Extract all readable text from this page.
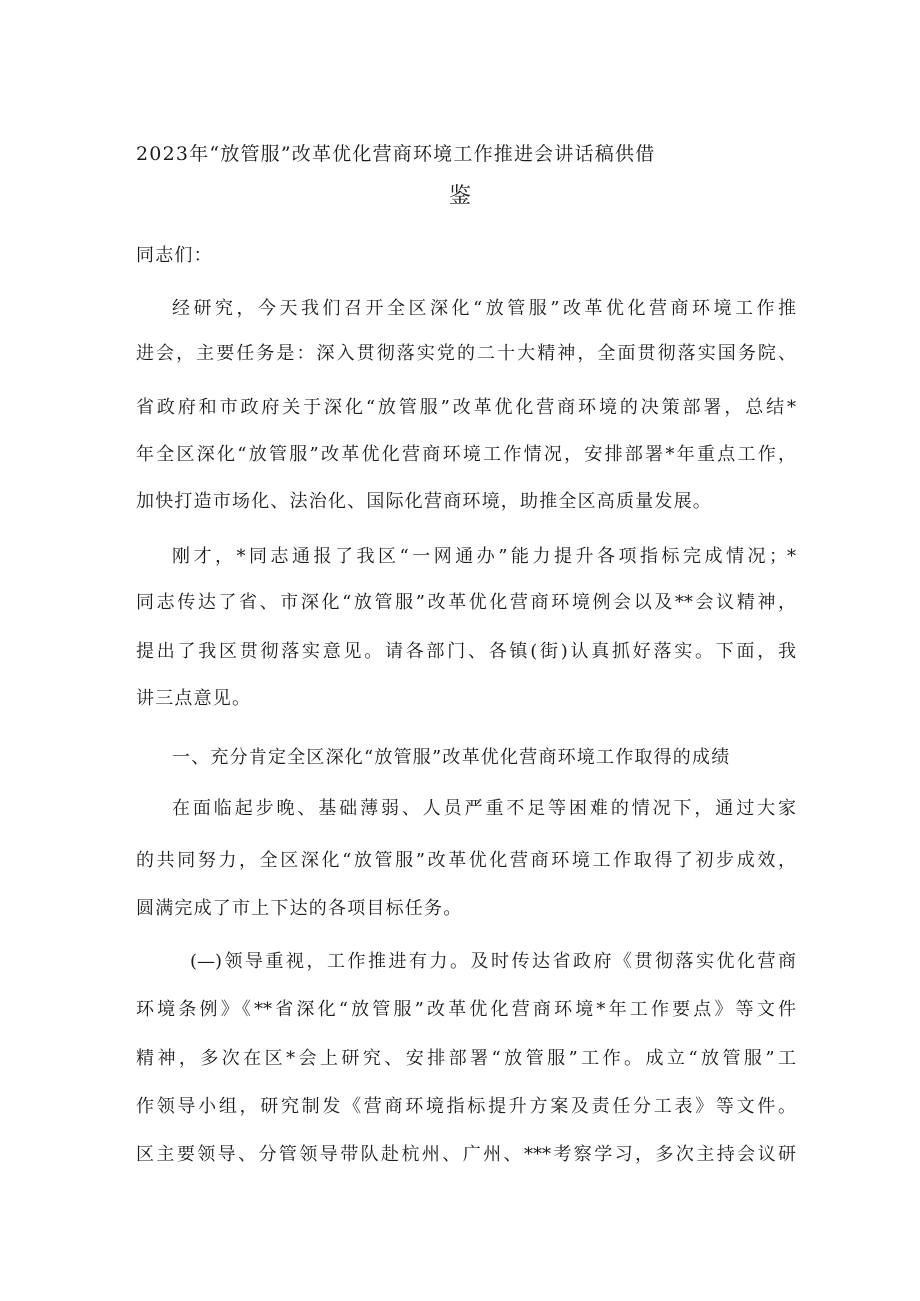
2023年“放管服”改革优化营商环境工作推进会讲话稿供借
鉴

同志们：

经研究，今天我们召开全区深化“放管服”改革优化营商环境工作推

进会，主要任务是：深入贯彻落实党的二十大精神，全面贯彻落实国务院、

省政府和市政府关于深化“放管服”改革优化营商环境的决策部署，总结*

年全区深化“放管服”改革优化营商环境工作情况，安排部署*年重点工作，

加快打造市场化、法治化、国际化营商环境，助推全区高质量发展。

刚才，*同志通报了我区“一网通办”能力提升各项指标完成情况；*

同志传达了省、市深化“放管服”改革优化营商环境例会以及**会议精神，

提出了我区贯彻落实意见。请各部门、各镇(街)认真抓好落实。下面，我

讲三点意见。

一、充分肯定全区深化“放管服”改革优化营商环境工作取得的成绩

在面临起步晚、基础薄弱、人员严重不足等困难的情况下，通过大家

的共同努力，全区深化“放管服”改革优化营商环境工作取得了初步成效，

圆满完成了市上下达的各项目标任务。

(—)领导重视，工作推进有力。及时传达省政府《贯彻落实优化营商

环境条例》《**省深化“放管服”改革优化营商环境*年工作要点》等文件

精神，多次在区*会上研究、安排部署“放管服”工作。成立“放管服”工

作领导小组，研究制发《营商环境指标提升方案及责任分工表》等文件。

区主要领导、分管领导带队赴杭州、广州、***考察学习，多次主持会议研
